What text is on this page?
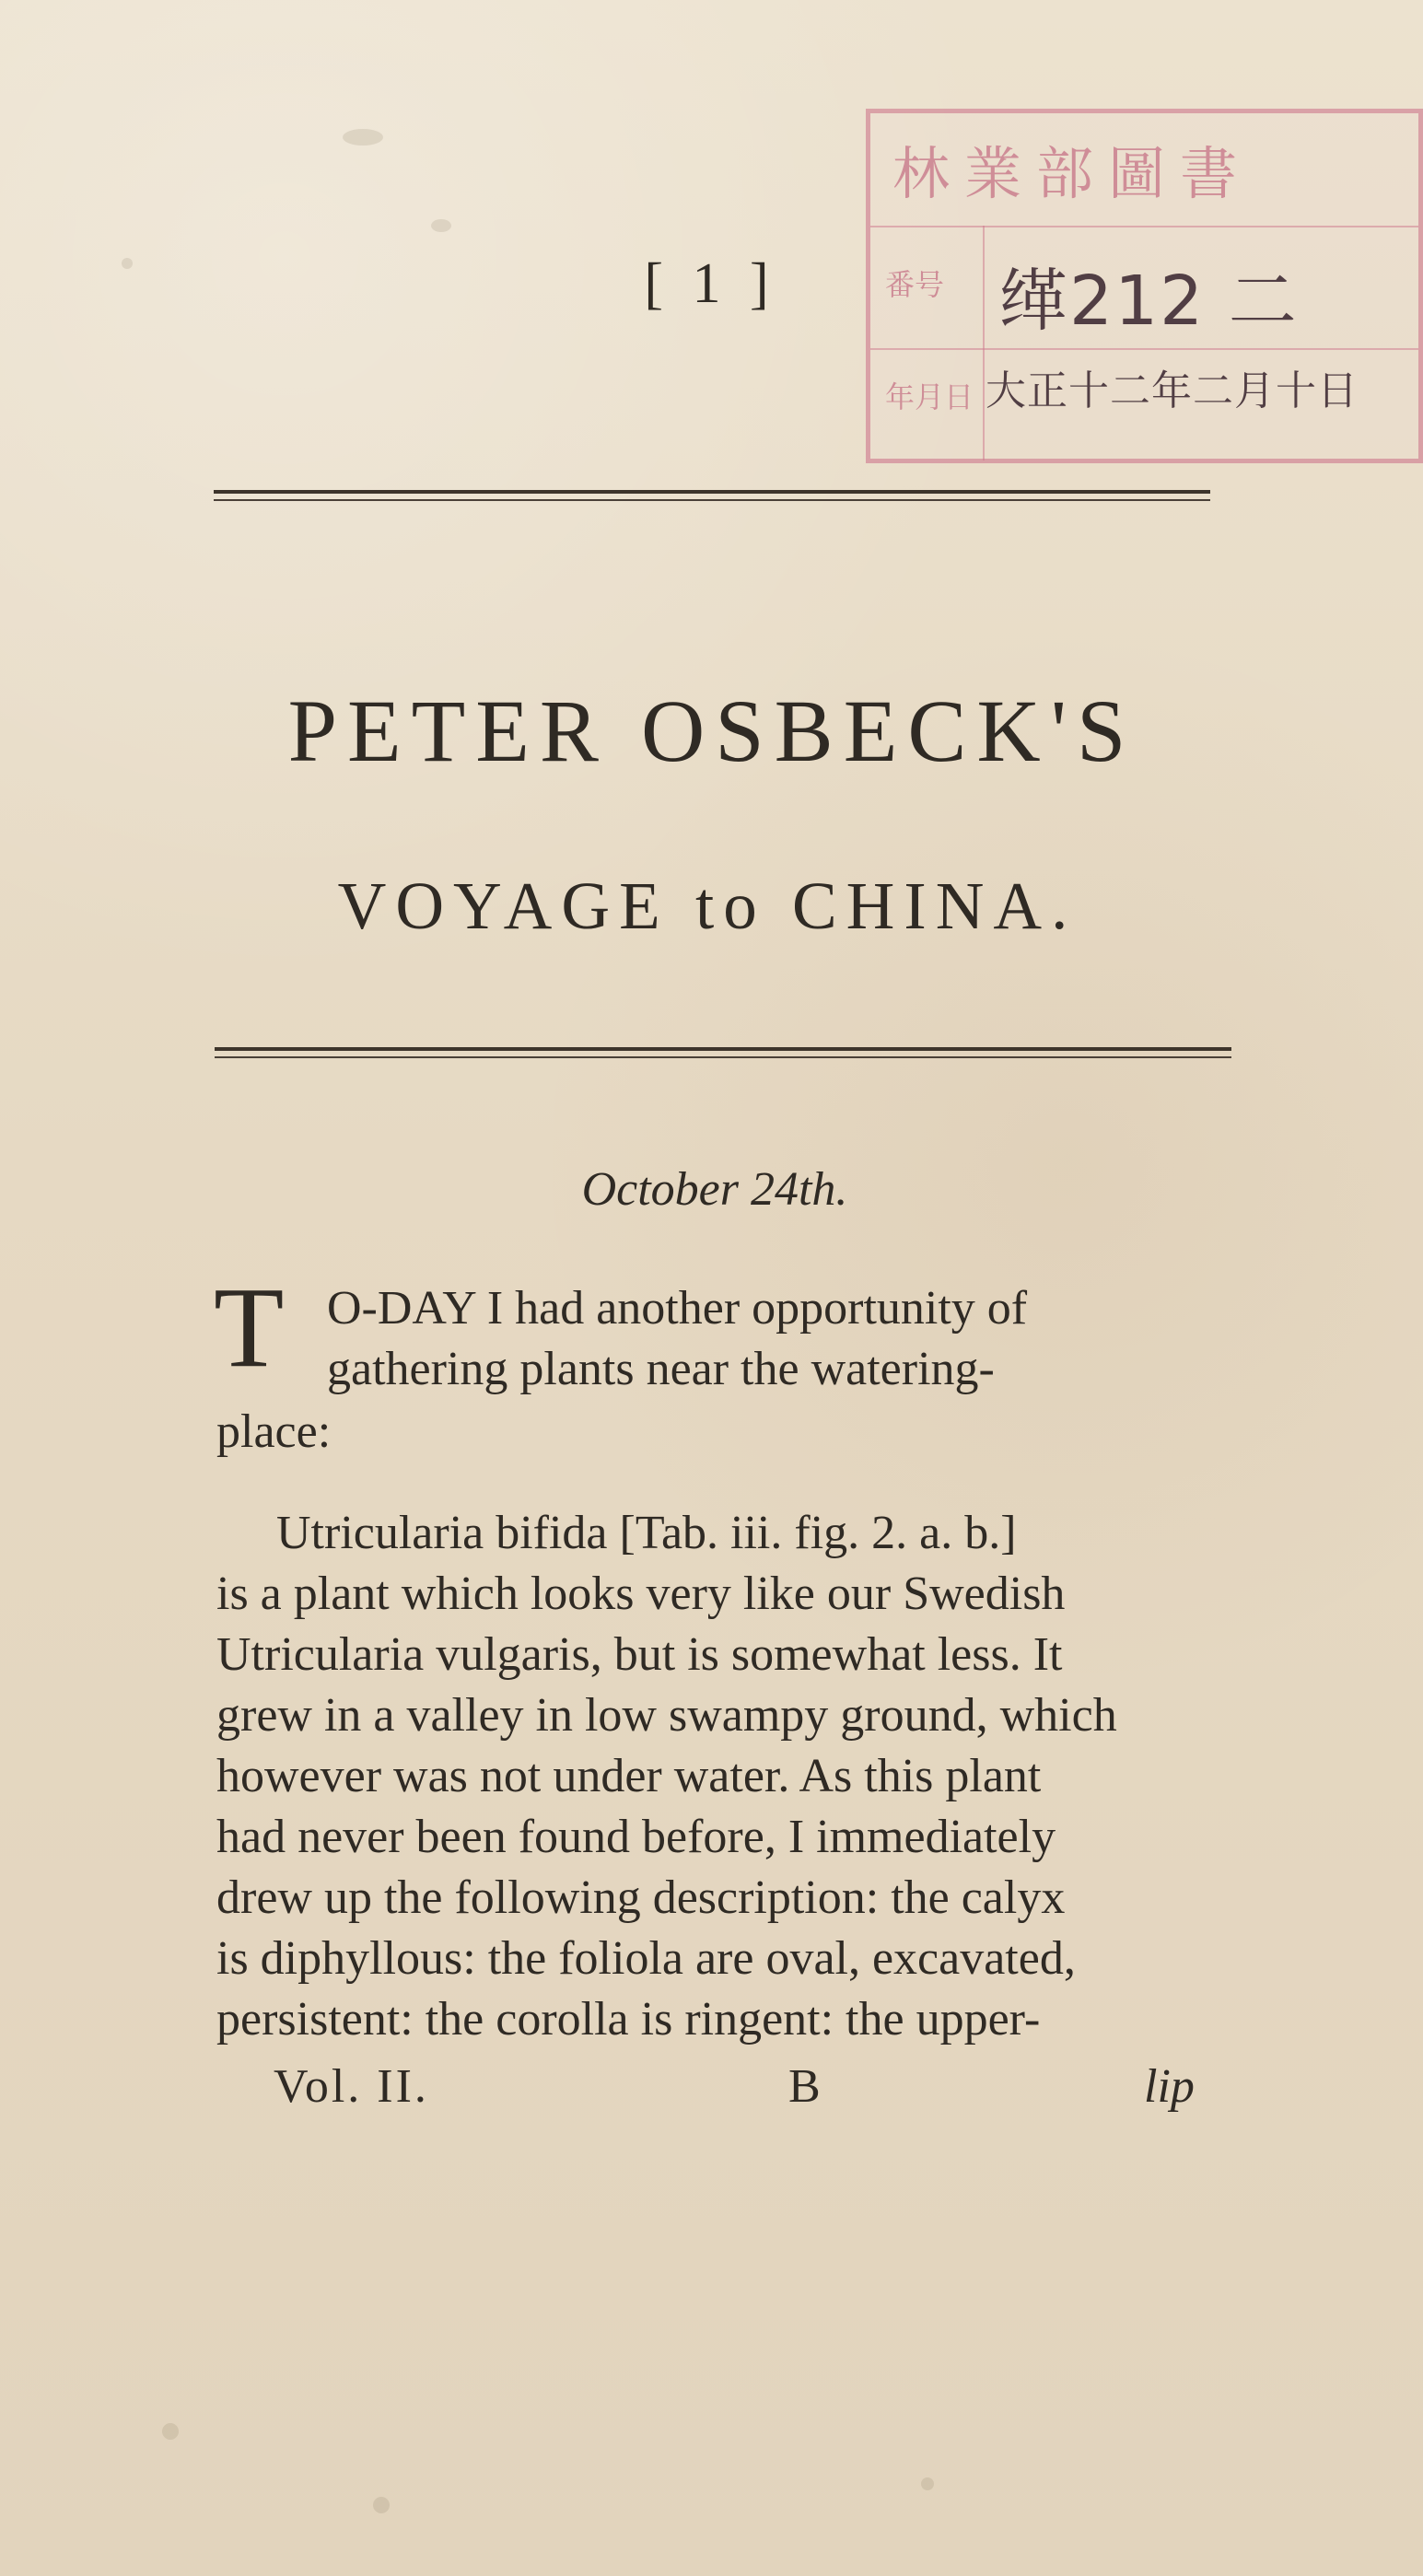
林業部圖書
番号
年月日
缂212 二
大正十二年二月十日
[ 1 ]
PETER OSBECK'S
VOYAGE to CHINA.
October 24th.
T O-DAY I had another opportunity of
gathering plants near the watering-
place:
Utricularia bifida [Tab. iii. fig. 2. a. b.]
is a plant which looks very like our Swedish
Utricularia vulgaris, but is somewhat less. It
grew in a valley in low swampy ground, which
however was not under water. As this plant
had never been found before, I immediately
drew up the following description: the calyx
is diphyllous: the foliola are oval, excavated,
persistent: the corolla is ringent: the upper-
Vol. II.	B	lip
